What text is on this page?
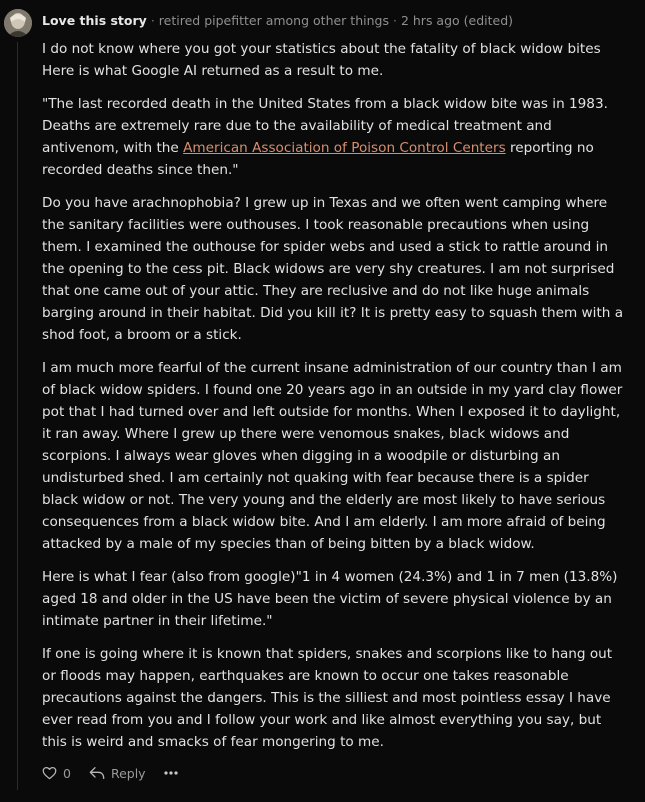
Love this story · retired pipefitter among other things · 2 hrs ago (edited)

I do not know where you got your statistics about the fatality of black widow bites Here is what Google AI returned as a result to me.

"The last recorded death in the United States from a black widow bite was in 1983. Deaths are extremely rare due to the availability of medical treatment and antivenom, with the American Association of Poison Control Centers reporting no recorded deaths since then."

Do you have arachnophobia? I grew up in Texas and we often went camping where the sanitary facilities were outhouses. I took reasonable precautions when using them. I examined the outhouse for spider webs and used a stick to rattle around in the opening to the cess pit. Black widows are very shy creatures. I am not surprised that one came out of your attic. They are reclusive and do not like huge animals barging around in their habitat. Did you kill it? It is pretty easy to squash them with a shod foot, a broom or a stick.

I am much more fearful of the current insane administration of our country than I am of black widow spiders. I found one 20 years ago in an outside in my yard clay flower pot that I had turned over and left outside for months. When I exposed it to daylight, it ran away. Where I grew up there were venomous snakes, black widows and scorpions. I always wear gloves when digging in a woodpile or disturbing an undisturbed shed. I am certainly not quaking with fear because there is a spider black widow or not. The very young and the elderly are most likely to have serious consequences from a black widow bite. And I am elderly. I am more afraid of being attacked by a male of my species than of being bitten by a black widow.

Here is what I fear (also from google)"1 in 4 women (24.3%) and 1 in 7 men (13.8%) aged 18 and older in the US have been the victim of severe physical violence by an intimate partner in their lifetime."

If one is going where it is known that spiders, snakes and scorpions like to hang out or floods may happen, earthquakes are known to occur one takes reasonable precautions against the dangers. This is the silliest and most pointless essay I have ever read from you and I follow your work and like almost everything you say, but this is weird and smacks of fear mongering to me.

0	Reply
